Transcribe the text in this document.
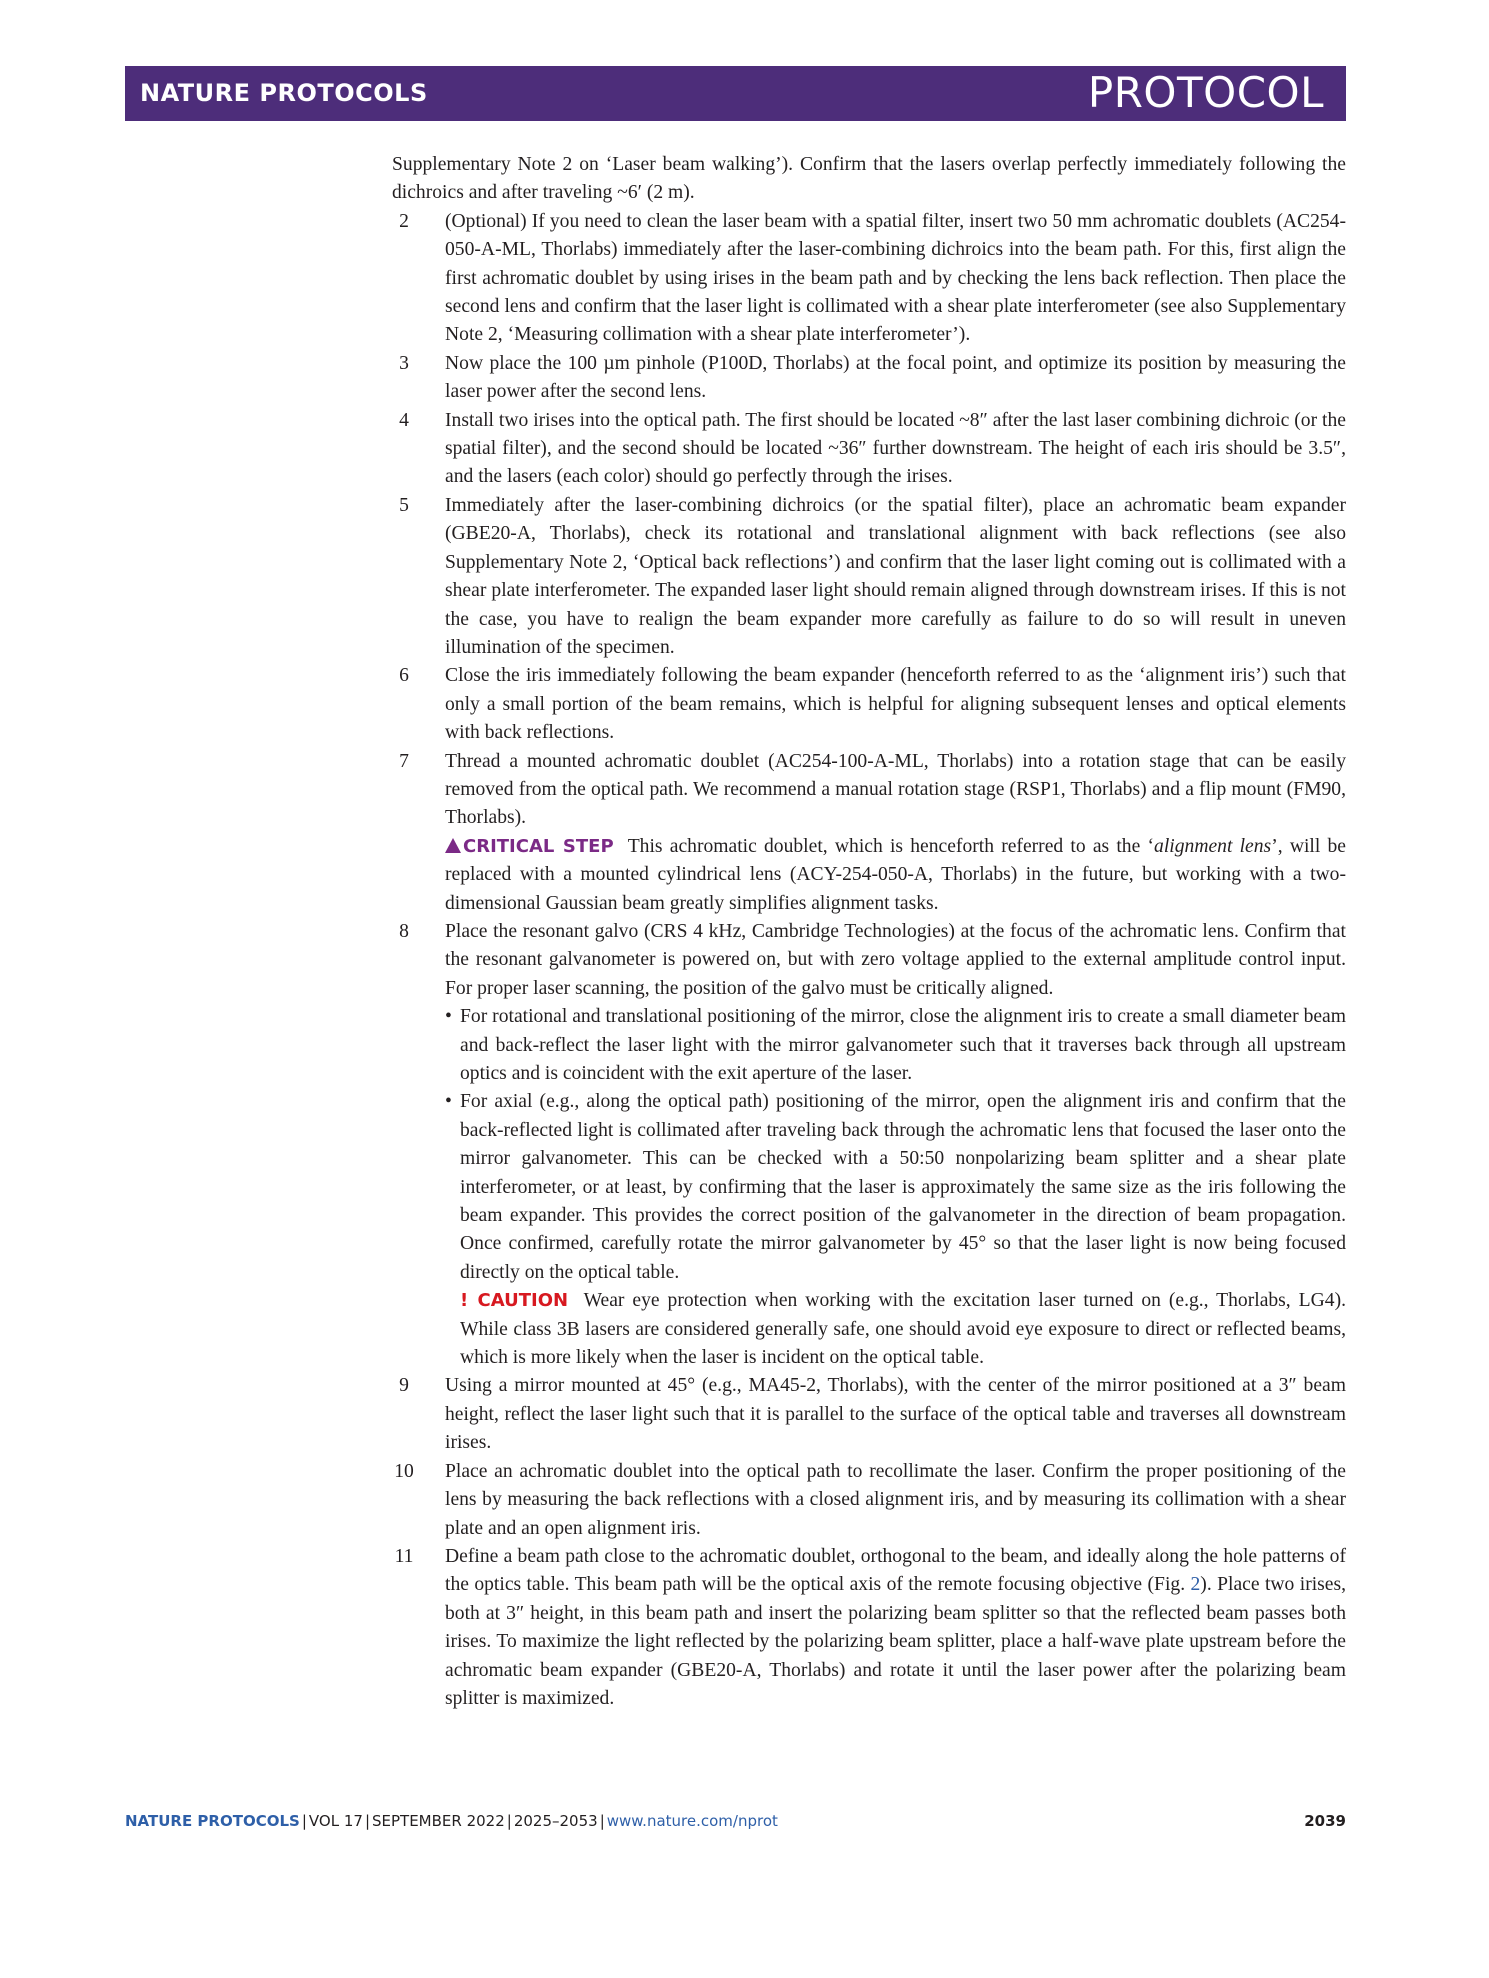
NATURE PROTOCOLS	PROTOCOL

Supplementary Note 2 on ‘Laser beam walking’). Confirm that the lasers overlap perfectly immediately following the dichroics and after traveling ~6′ (2 m).

2	(Optional) If you need to clean the laser beam with a spatial filter, insert two 50 mm achromatic doublets (AC254-050-A-ML, Thorlabs) immediately after the laser-combining dichroics into the beam path. For this, first align the first achromatic doublet by using irises in the beam path and by checking the lens back reflection. Then place the second lens and confirm that the laser light is collimated with a shear plate interferometer (see also Supplementary Note 2, ‘Measuring collimation with a shear plate interferometer’).

3	Now place the 100 µm pinhole (P100D, Thorlabs) at the focal point, and optimize its position by measuring the laser power after the second lens.

4	Install two irises into the optical path. The first should be located ~8″ after the last laser combining dichroic (or the spatial filter), and the second should be located ~36″ further downstream. The height of each iris should be 3.5″, and the lasers (each color) should go perfectly through the irises.

5	Immediately after the laser-combining dichroics (or the spatial filter), place an achromatic beam expander (GBE20-A, Thorlabs), check its rotational and translational alignment with back reflections (see also Supplementary Note 2, ‘Optical back reflections’) and confirm that the laser light coming out is collimated with a shear plate interferometer. The expanded laser light should remain aligned through downstream irises. If this is not the case, you have to realign the beam expander more carefully as failure to do so will result in uneven illumination of the specimen.

6	Close the iris immediately following the beam expander (henceforth referred to as the ‘alignment iris’) such that only a small portion of the beam remains, which is helpful for aligning subsequent lenses and optical elements with back reflections.

7	Thread a mounted achromatic doublet (AC254-100-A-ML, Thorlabs) into a rotation stage that can be easily removed from the optical path. We recommend a manual rotation stage (RSP1, Thorlabs) and a flip mount (FM90, Thorlabs).

CRITICAL STEP This achromatic doublet, which is henceforth referred to as the ‘alignment lens’, will be replaced with a mounted cylindrical lens (ACY-254-050-A, Thorlabs) in the future, but working with a two-dimensional Gaussian beam greatly simplifies alignment tasks.

8	Place the resonant galvo (CRS 4 kHz, Cambridge Technologies) at the focus of the achromatic lens. Confirm that the resonant galvanometer is powered on, but with zero voltage applied to the external amplitude control input. For proper laser scanning, the position of the galvo must be critically aligned.

• For rotational and translational positioning of the mirror, close the alignment iris to create a small diameter beam and back-reflect the laser light with the mirror galvanometer such that it traverses back through all upstream optics and is coincident with the exit aperture of the laser.

• For axial (e.g., along the optical path) positioning of the mirror, open the alignment iris and confirm that the back-reflected light is collimated after traveling back through the achromatic lens that focused the laser onto the mirror galvanometer. This can be checked with a 50:50 nonpolarizing beam splitter and a shear plate interferometer, or at least, by confirming that the laser is approximately the same size as the iris following the beam expander. This provides the correct position of the galvanometer in the direction of beam propagation. Once confirmed, carefully rotate the mirror galvanometer by 45° so that the laser light is now being focused directly on the optical table.

! CAUTION Wear eye protection when working with the excitation laser turned on (e.g., Thorlabs, LG4). While class 3B lasers are considered generally safe, one should avoid eye exposure to direct or reflected beams, which is more likely when the laser is incident on the optical table.

9	Using a mirror mounted at 45° (e.g., MA45-2, Thorlabs), with the center of the mirror positioned at a 3″ beam height, reflect the laser light such that it is parallel to the surface of the optical table and traverses all downstream irises.

10 Place an achromatic doublet into the optical path to recollimate the laser. Confirm the proper positioning of the lens by measuring the back reflections with a closed alignment iris, and by measuring its collimation with a shear plate and an open alignment iris.

11 Define a beam path close to the achromatic doublet, orthogonal to the beam, and ideally along the hole patterns of the optics table. This beam path will be the optical axis of the remote focusing objective (Fig. 2). Place two irises, both at 3″ height, in this beam path and insert the polarizing beam splitter so that the reflected beam passes both irises. To maximize the light reflected by the polarizing beam splitter, place a half-wave plate upstream before the achromatic beam expander (GBE20-A, Thorlabs) and rotate it until the laser power after the polarizing beam splitter is maximized.

NATURE PROTOCOLS | VOL 17 | SEPTEMBER 2022 | 2025–2053 | www.nature.com/nprot	2039
